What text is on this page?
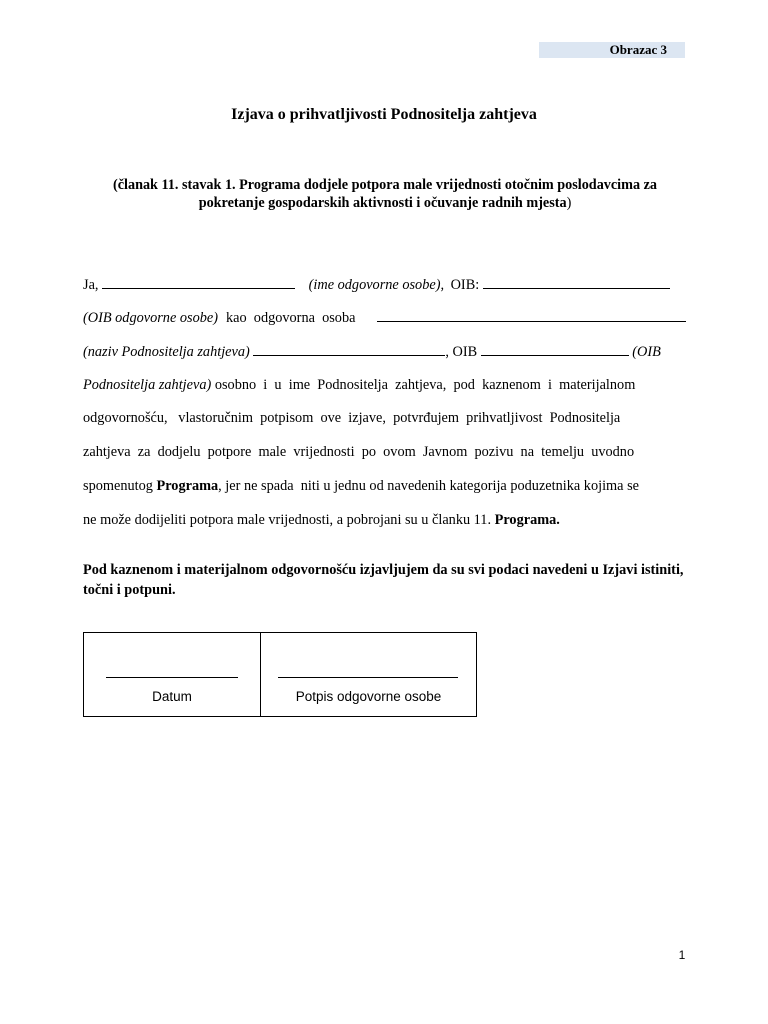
Obrazac 3
Izjava o prihvatljivosti Podnositelja zahtjeva
(članak 11. stavak 1. Programa dodjele potpora male vrijednosti otočnim poslodavcima za
pokretanje gospodarskih aktivnosti i očuvanje radnih mjesta)
Ja,	(ime odgovorne osobe), OIB:
(OIB odgovorne osobe) kao  odgovorna  osoba
(naziv Podnositelja zahtjeva)	, OIB	(OIB
Podnositelja zahtjeva) osobno  i  u  ime  Podnositelja  zahtjeva,  pod  kaznenom  i  materijalnom
odgovornošću,   vlastoručnim  potpisom  ove  izjave,  potvrđujem  prihvatljivost  Podnositelja
zahtjeva  za  dodjelu  potpore  male  vrijednosti  po  ovom  Javnom  pozivu  na  temelju  uvodno
spomenutog Programa, jer ne spada  niti u jednu od navedenih kategorija poduzetnika kojima se
ne može dodijeliti potpora male vrijednosti, a pobrojani su u članku 11. Programa.
Pod kaznenom i materijalnom odgovornošću izjavljujem da su svi podaci navedeni u Izjavi istiniti, točni i potpuni.
Datum	Potpis odgovorne osobe
1
